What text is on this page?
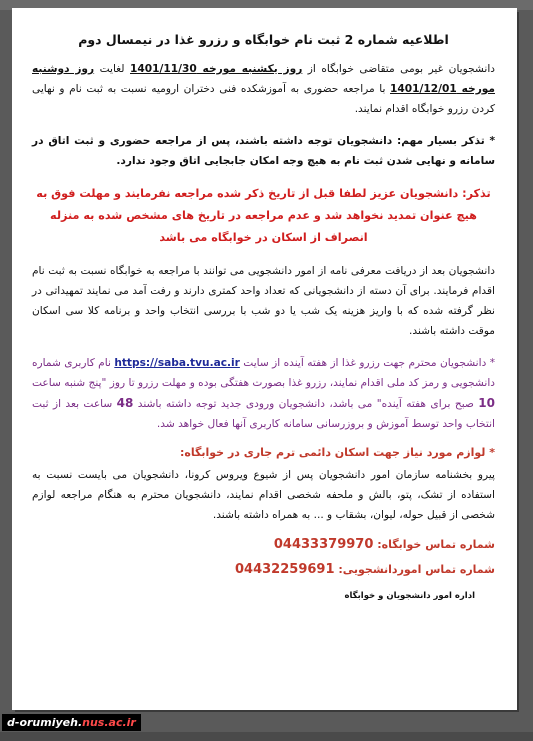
اطلاعیه شماره 2 ثبت نام خوابگاه و رزرو غذا در نیمسال دوم

دانشجویان غیر بومی متقاضی خوابگاه از روز یکشنبه مورخه 1401/11/30 لغایت روز دوشنبه مورخه 1401/12/01 با مراجعه حضوری به آموزشکده فنی دختران ارومیه نسبت به ثبت نام و نهایی کردن رزرو خوابگاه اقدام نمایند.

* تذکر بسیار مهم: دانشجویان توجه داشته باشند، پس از مراجعه حضوری و ثبت اتاق در سامانه و نهایی شدن ثبت نام به هیچ وجه امکان جابجایی اتاق وجود ندارد.

تذکر: دانشجویان عزیز لطفا قبل از تاریخ ذکر شده مراجعه نفرمایند و مهلت فوق به هیچ عنوان تمدید نخواهد شد و عدم مراجعه در تاریخ های مشخص شده به منزله انصراف از اسکان در خوابگاه می باشد

دانشجویان بعد از دریافت معرفی نامه از امور دانشجویی می توانند با مراجعه به خوابگاه نسبت به ثبت نام اقدام فرمایند. برای آن دسته از دانشجویانی که تعداد واحد کمتری دارند و رفت آمد می نمایند تمهیداتی در نظر گرفته شده که با واریز هزینه یک شب یا دو شب با بررسی انتخاب واحد و برنامه کلا سی اسکان موقت داشته باشند.

* دانشجویان محترم جهت رزرو غذا از هفته آینده از سایت https://saba.tvu.ac.ir نام کاربری شماره دانشجویی و رمز کد ملی اقدام نمایند، رزرو غذا بصورت هفتگی بوده و مهلت رزرو تا روز "پنج شنبه ساعت 10 صبح برای هفته آینده" می باشد، دانشجویان ورودی جدید توجه داشته باشند 48 ساعت بعد از ثبت انتخاب واحد توسط آموزش و بروزرسانی سامانه کاربری آنها فعال خواهد شد.

* لوازم مورد نیاز جهت اسکان دائمی ترم جاری در خوابگاه:

پیرو بخشنامه سازمان امور دانشجویان پس از شیوع ویروس کرونا، دانشجویان می بایست نسبت به استفاده از تشک، پتو، بالش و ملحفه شخصی اقدام نمایند، دانشجویان محترم به هنگام مراجعه لوازم شخصی از قبیل حوله، لیوان، بشقاب و ... به همراه داشته باشند.

شماره تماس خوابگاه: 04433379970
شماره تماس اموردانشجویی: 04432259691
اداره امور دانشجویان و خوابگاه
d-orumiyeh.nus.ac.ir
